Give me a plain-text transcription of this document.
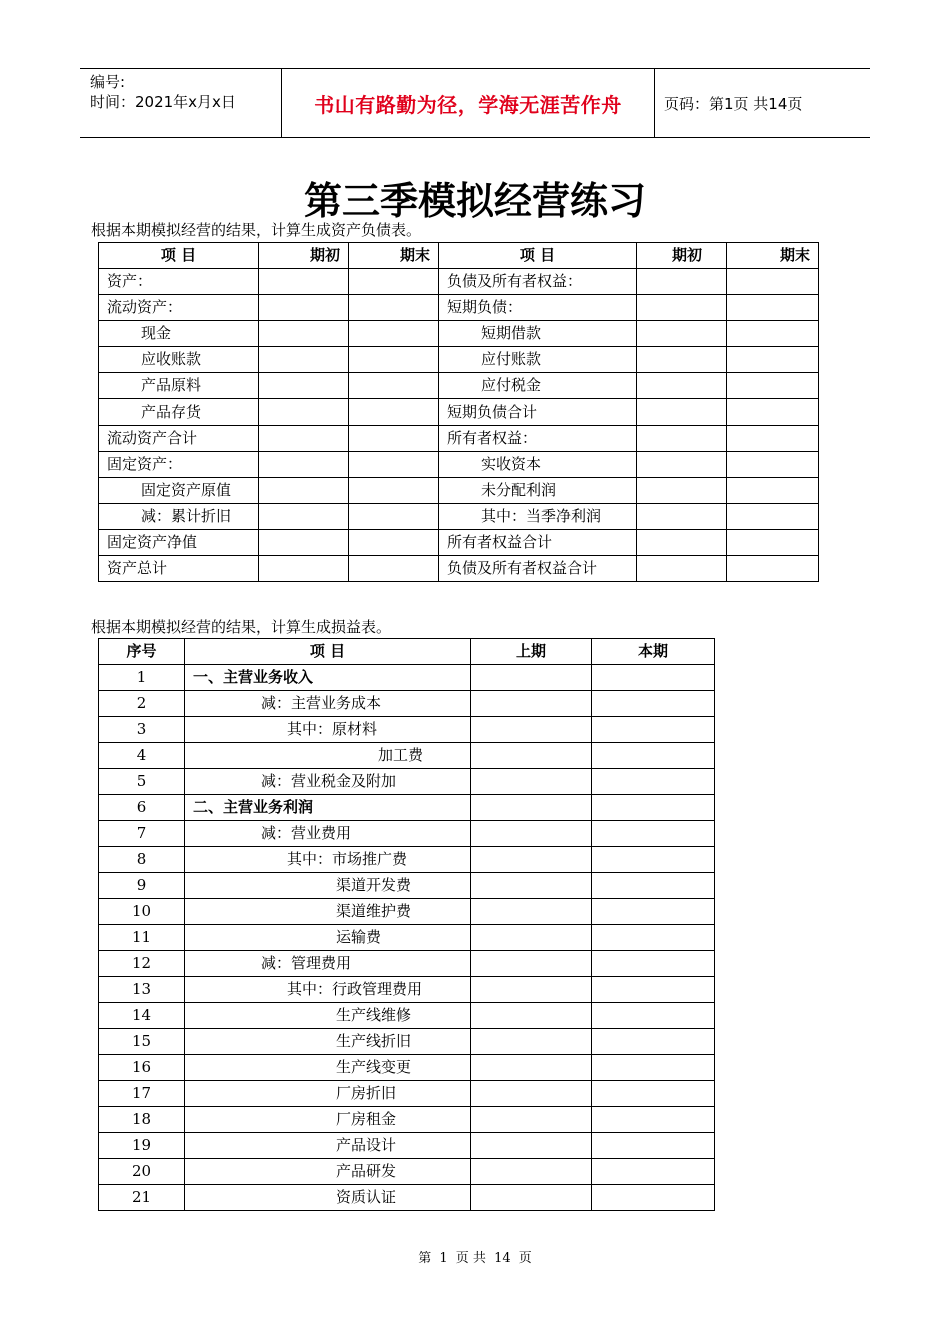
编号:
时间：2021年x月x日	书山有路勤为径，学海无涯苦作舟	页码：第1页 共14页
第三季模拟经营练习
根据本期模拟经营的结果，计算生成资产负债表。
项 目	期初	期末	项 目	期初	期末
资产：			负债及所有者权益：		
流动资产：			短期负债：		
现金			短期借款		
应收账款			应付账款		
产品原料			应付税金		
产品存货			短期负债合计		
流动资产合计			所有者权益：		
固定资产：			实收资本		
固定资产原值			未分配利润		
减：累计折旧			其中：当季净利润		
固定资产净值			所有者权益合计		
资产总计			负债及所有者权益合计		
根据本期模拟经营的结果，计算生成损益表。
序号	项 目	上期	本期
1	一、主营业务收入		
2	减：主营业务成本		
3	其中：原材料		
4	加工费		
5	减：营业税金及附加		
6	二、主营业务利润		
7	减：营业费用		
8	其中：市场推广费		
9	渠道开发费		
10	渠道维护费		
11	运输费		
12	减：管理费用		
13	其中：行政管理费用		
14	生产线维修		
15	生产线折旧		
16	生产线变更		
17	厂房折旧		
18	厂房租金		
19	产品设计		
20	产品研发		
21	资质认证		
第 1 页 共 14 页
